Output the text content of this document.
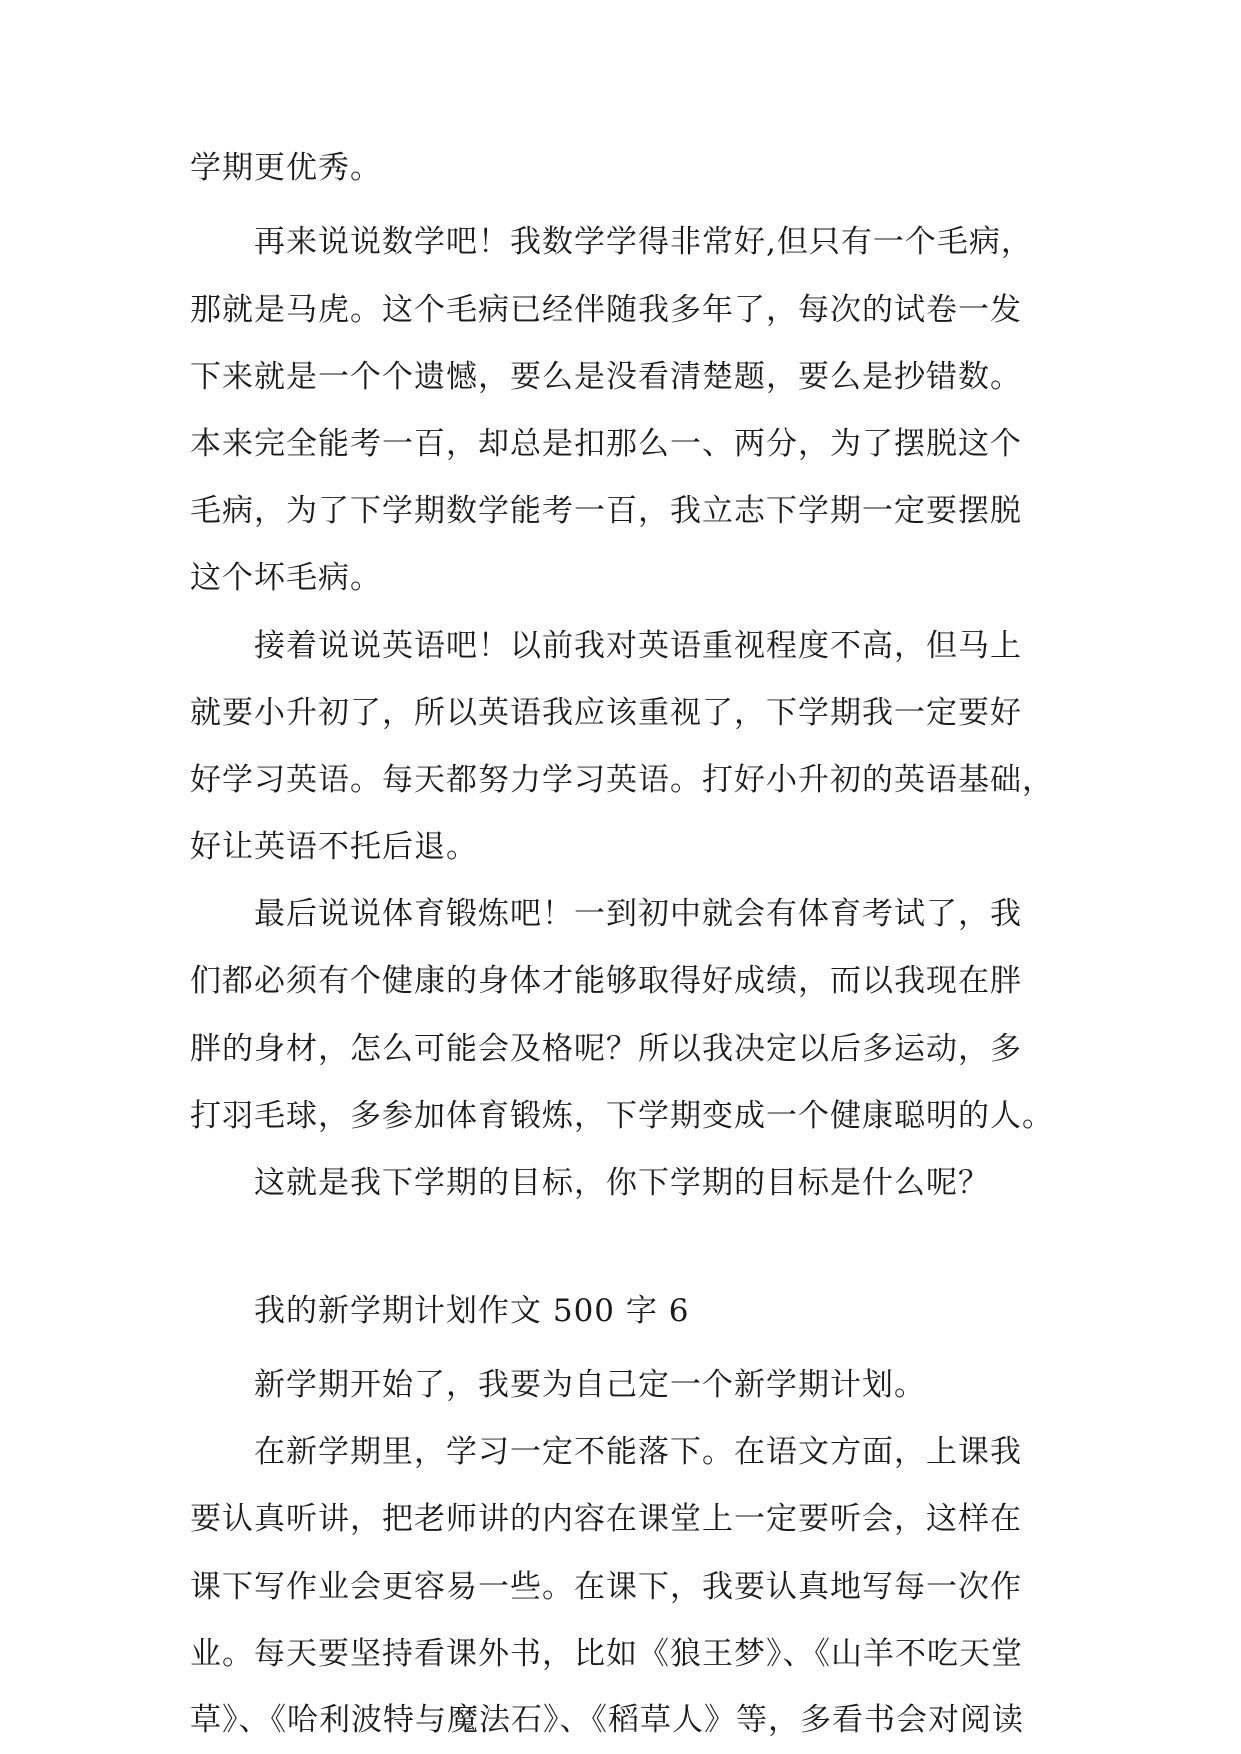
学期更优秀。
再来说说数学吧！我数学学得非常好,但只有一个毛病，
那就是马虎。这个毛病已经伴随我多年了，每次的试卷一发
下来就是一个个遗憾，要么是没看清楚题，要么是抄错数。
本来完全能考一百，却总是扣那么一、两分，为了摆脱这个
毛病，为了下学期数学能考一百，我立志下学期一定要摆脱
这个坏毛病。
接着说说英语吧！以前我对英语重视程度不高，但马上
就要小升初了，所以英语我应该重视了，下学期我一定要好
好学习英语。每天都努力学习英语。打好小升初的英语基础，
好让英语不托后退。
最后说说体育锻炼吧！一到初中就会有体育考试了，我
们都必须有个健康的身体才能够取得好成绩，而以我现在胖
胖的身材，怎么可能会及格呢？所以我决定以后多运动，多
打羽毛球，多参加体育锻炼，下学期变成一个健康聪明的人。
这就是我下学期的目标，你下学期的目标是什么呢？
我的新学期计划作文 500 字 6
新学期开始了，我要为自己定一个新学期计划。
在新学期里，学习一定不能落下。在语文方面，上课我
要认真听讲，把老师讲的内容在课堂上一定要听会，这样在
课下写作业会更容易一些。在课下，我要认真地写每一次作
业。每天要坚持看课外书，比如《狼王梦》、《山羊不吃天堂
草》、《哈利波特与魔法石》、《稻草人》等，多看书会对阅读
